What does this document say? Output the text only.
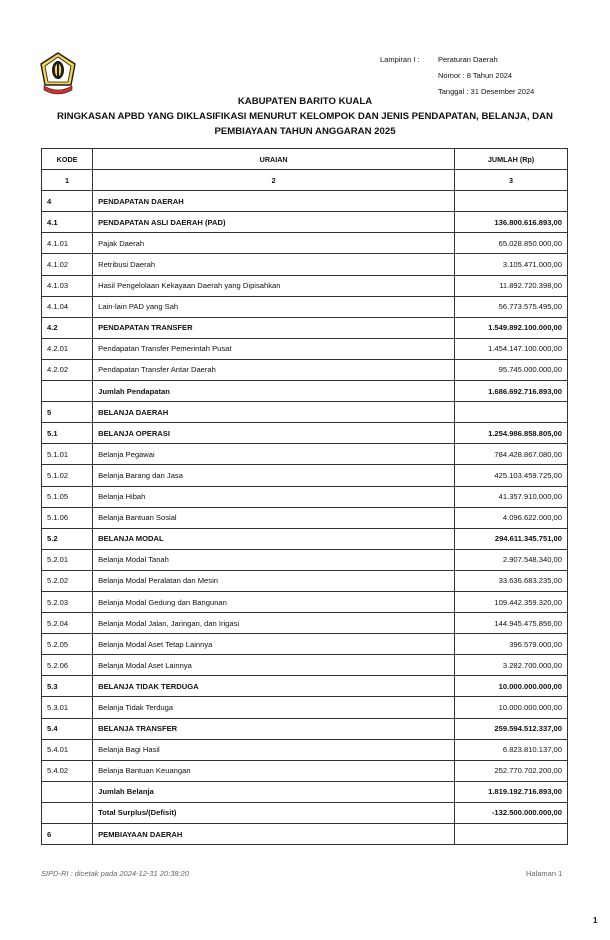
Lampiran I :	Peraturan Daerah
Nomor : 8 Tahun 2024
Tanggal : 31 Desember 2024
KABUPATEN BARITO KUALA
RINGKASAN APBD YANG DIKLASIFIKASI MENURUT KELOMPOK DAN JENIS PENDAPATAN, BELANJA, DAN
PEMBIAYAAN TAHUN ANGGARAN 2025
KODE	URAIAN	JUMLAH (Rp)
1	2	3
4	PENDAPATAN DAERAH	
4.1	PENDAPATAN ASLI DAERAH (PAD)	136.800.616.893,00
4.1.01	Pajak Daerah	65.028.850.000,00
4.1.02	Retribusi Daerah	3.105.471.000,00
4.1.03	Hasil Pengelolaan Kekayaan Daerah yang Dipisahkan	11.892.720.398,00
4.1.04	Lain-lain PAD yang Sah	56.773.575.495,00
4.2	PENDAPATAN TRANSFER	1.549.892.100.000,00
4.2.01	Pendapatan Transfer Pemerintah Pusat	1.454.147.100.000,00
4.2.02	Pendapatan Transfer Antar Daerah	95.745.000.000,00
	Jumlah Pendapatan	1.686.692.716.893,00
5	BELANJA DAERAH	
5.1	BELANJA OPERASI	1.254.986.858.805,00
5.1.01	Belanja Pegawai	784.428.867.080,00
5.1.02	Belanja Barang dan Jasa	425.103.459.725,00
5.1.05	Belanja Hibah	41.357.910.000,00
5.1.06	Belanja Bantuan Sosial	4.096.622.000,00
5.2	BELANJA MODAL	294.611.345.751,00
5.2.01	Belanja Modal Tanah	2.907.548.340,00
5.2.02	Belanja Modal Peralatan dan Mesin	33.636.683.235,00
5.2.03	Belanja Modal Gedung dan Bangunan	109.442.359.320,00
5.2.04	Belanja Modal Jalan, Jaringan, dan Irigasi	144.945.475.856,00
5.2.05	Belanja Modal Aset Tetap Lainnya	396.579.000,00
5.2.06	Belanja Modal Aset Lainnya	3.282.700.000,00
5.3	BELANJA TIDAK TERDUGA	10.000.000.000,00
5.3.01	Belanja Tidak Terduga	10.000.000.000,00
5.4	BELANJA TRANSFER	259.594.512.337,00
5.4.01	Belanja Bagi Hasil	6.823.810.137,00
5.4.02	Belanja Bantuan Keuangan	252.770.702.200,00
	Jumlah Belanja	1.819.192.716.893,00
	Total Surplus/(Defisit)	-132.500.000.000,00
6	PEMBIAYAAN DAERAH	
SIPD-RI : dicetak pada 2024-12-31 20:38:20	Halaman 1
1
